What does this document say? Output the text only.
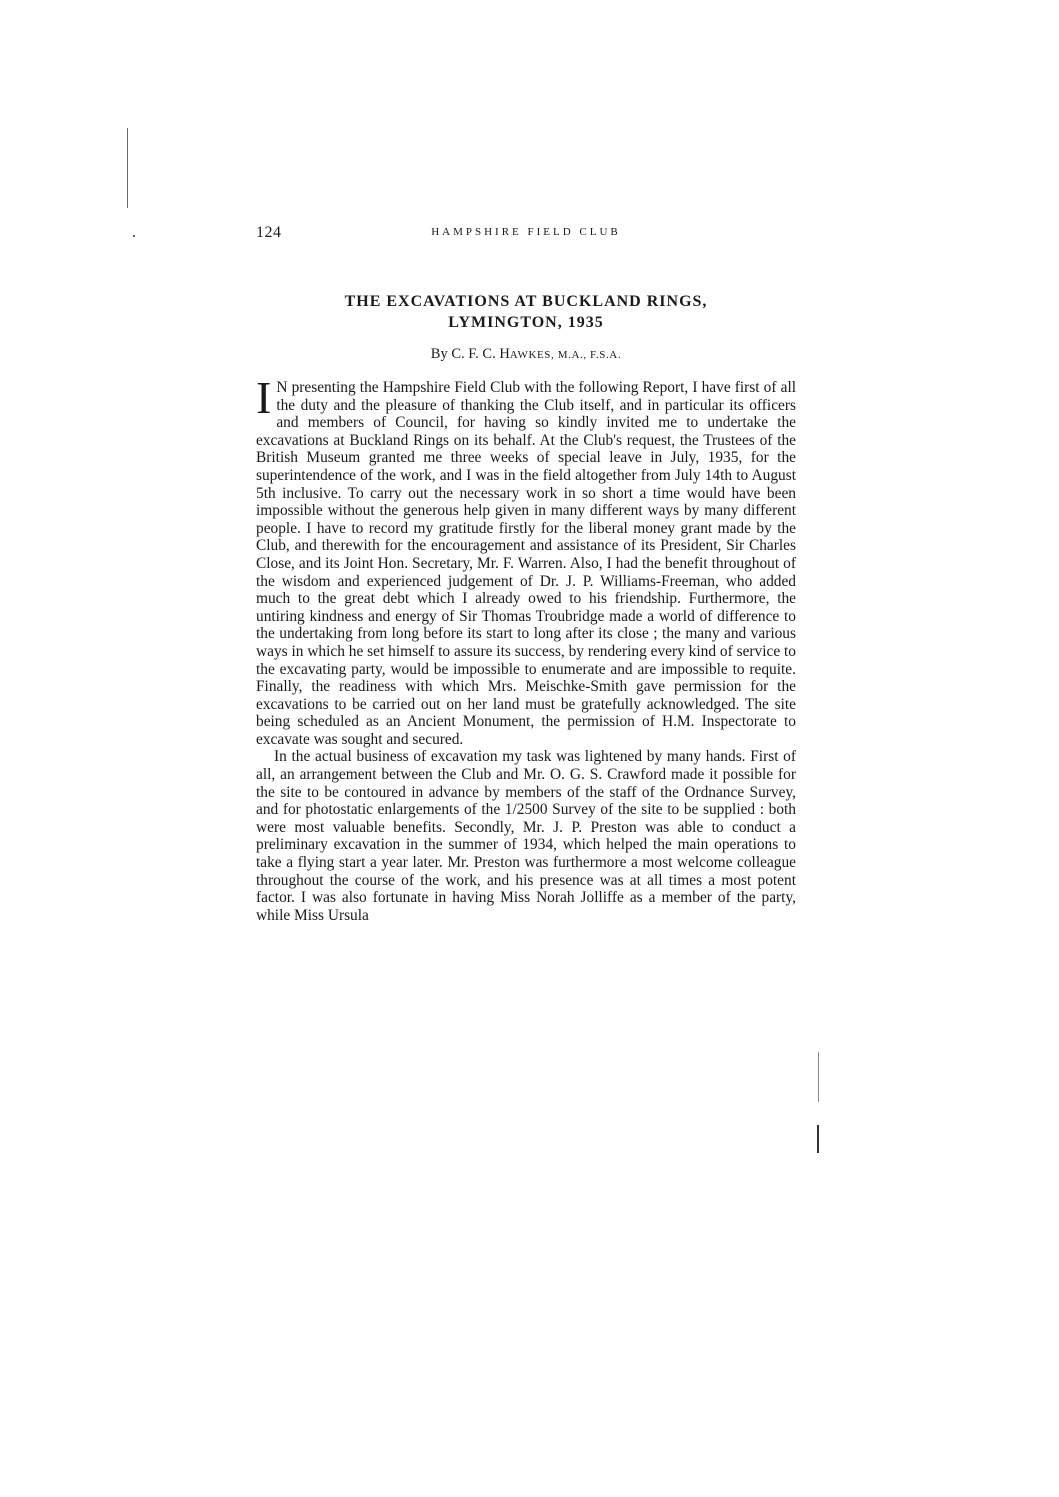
124	HAMPSHIRE FIELD CLUB
THE EXCAVATIONS AT BUCKLAND RINGS,
LYMINGTON, 1935
By C. F. C. HAWKES, M.A., F.S.A.

I N presenting the Hampshire Field Club with the following Report, I have first of all the duty and the pleasure of thanking the Club itself, and in particular its officers and members of Council, for having so kindly invited me to undertake the excavations at Buckland Rings on its behalf. At the Club's request, the Trustees of the British Museum granted me three weeks of special leave in July, 1935, for the superintendence of the work, and I was in the field altogether from July 14th to August 5th inclusive. To carry out the necessary work in so short a time would have been impossible without the generous help given in many different ways by many different people. I have to record my gratitude firstly for the liberal money grant made by the Club, and therewith for the encouragement and assistance of its President, Sir Charles Close, and its Joint Hon. Secretary, Mr. F. Warren. Also, I had the benefit throughout of the wisdom and experienced judgement of Dr. J. P. Williams-Freeman, who added much to the great debt which I already owed to his friendship. Furthermore, the untiring kindness and energy of Sir Thomas Troubridge made a world of difference to the undertaking from long before its start to long after its close ; the many and various ways in which he set himself to assure its success, by rendering every kind of service to the excavating party, would be impossible to enumerate and are impossible to requite. Finally, the readiness with which Mrs. Meischke-Smith gave permission for the excavations to be carried out on her land must be gratefully acknowledged. The site being scheduled as an Ancient Monument, the permission of H.M. Inspectorate to excavate was sought and secured.

In the actual business of excavation my task was lightened by many hands. First of all, an arrangement between the Club and Mr. O. G. S. Crawford made it possible for the site to be contoured in advance by members of the staff of the Ordnance Survey, and for photostatic enlargements of the 1/2500 Survey of the site to be supplied : both were most valuable benefits. Secondly, Mr. J. P. Preston was able to conduct a preliminary excavation in the summer of 1934, which helped the main operations to take a flying start a year later. Mr. Preston was furthermore a most welcome colleague throughout the course of the work, and his presence was at all times a most potent factor. I was also fortunate in having Miss Norah Jolliffe as a member of the party, while Miss Ursula
